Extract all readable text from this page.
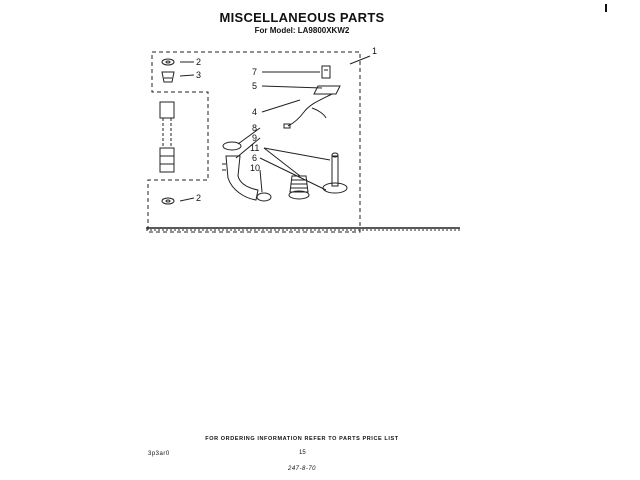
MISCELLANEOUS PARTS
For Model: LA9800XKW2
1
2
3
2
7
5
4
8
9
11
6
10
FOR ORDERING INFORMATION REFER TO PARTS PRICE LIST
3p3ar0	15
247-8-70
